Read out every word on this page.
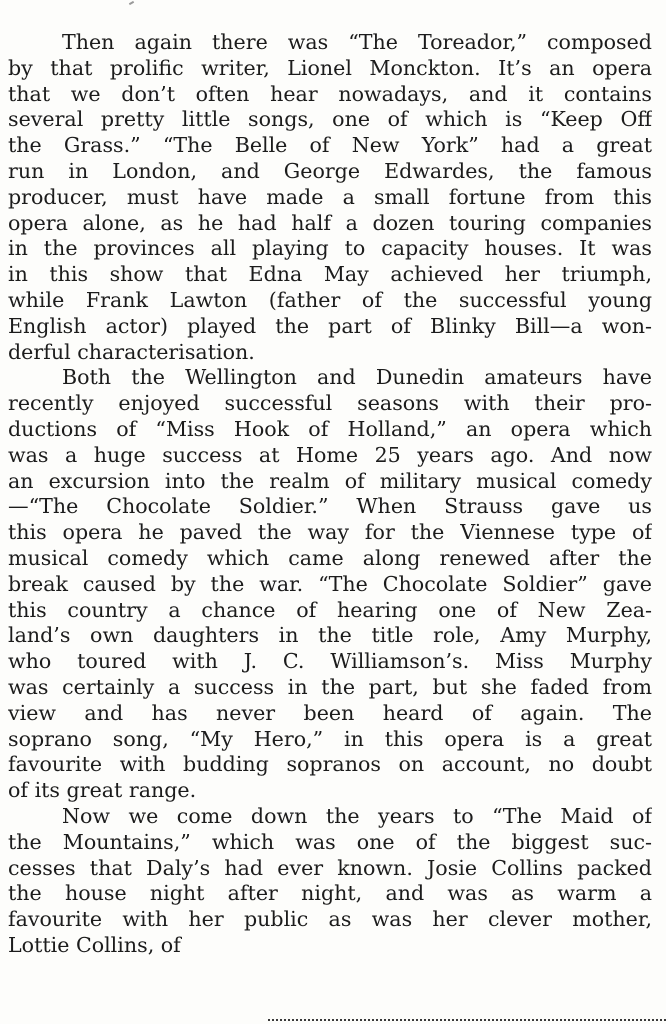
Then again there was “The Toreador,” composed
by that prolific writer, Lionel Monckton. It’s an opera
that we don’t often hear nowadays, and it contains
several pretty little songs, one of which is “Keep Off
the Grass.” “The Belle of New York” had a great
run in London, and George Edwardes, the famous
producer, must have made a small fortune from this
opera alone, as he had half a dozen touring companies
in the provinces all playing to capacity houses. It was
in this show that Edna May achieved her triumph,
while Frank Lawton (father of the successful young
English actor) played the part of Blinky Bill—a won-
derful characterisation.
Both the Wellington and Dunedin amateurs have
recently enjoyed successful seasons with their pro-
ductions of “Miss Hook of Holland,” an opera which
was a huge success at Home 25 years ago. And now
an excursion into the realm of military musical comedy
—“The Chocolate Soldier.” When Strauss gave us
this opera he paved the way for the Viennese type of
musical comedy which came along renewed after the
break caused by the war. “The Chocolate Soldier” gave
this country a chance of hearing one of New Zea-
land’s own daughters in the title role, Amy Murphy,
who toured with J. C. Williamson’s. Miss Murphy
was certainly a success in the part, but she faded from
view and has never been heard of again. The
soprano song, “My Hero,” in this opera is a great
favourite with budding sopranos on account, no doubt
of its great range.
Now we come down the years to “The Maid of
the Mountains,” which was one of the biggest suc-
cesses that Daly’s had ever known. Josie Collins packed
the house night after night, and was as warm a
favourite with her public as was her clever mother,
Lottie Collins, of
